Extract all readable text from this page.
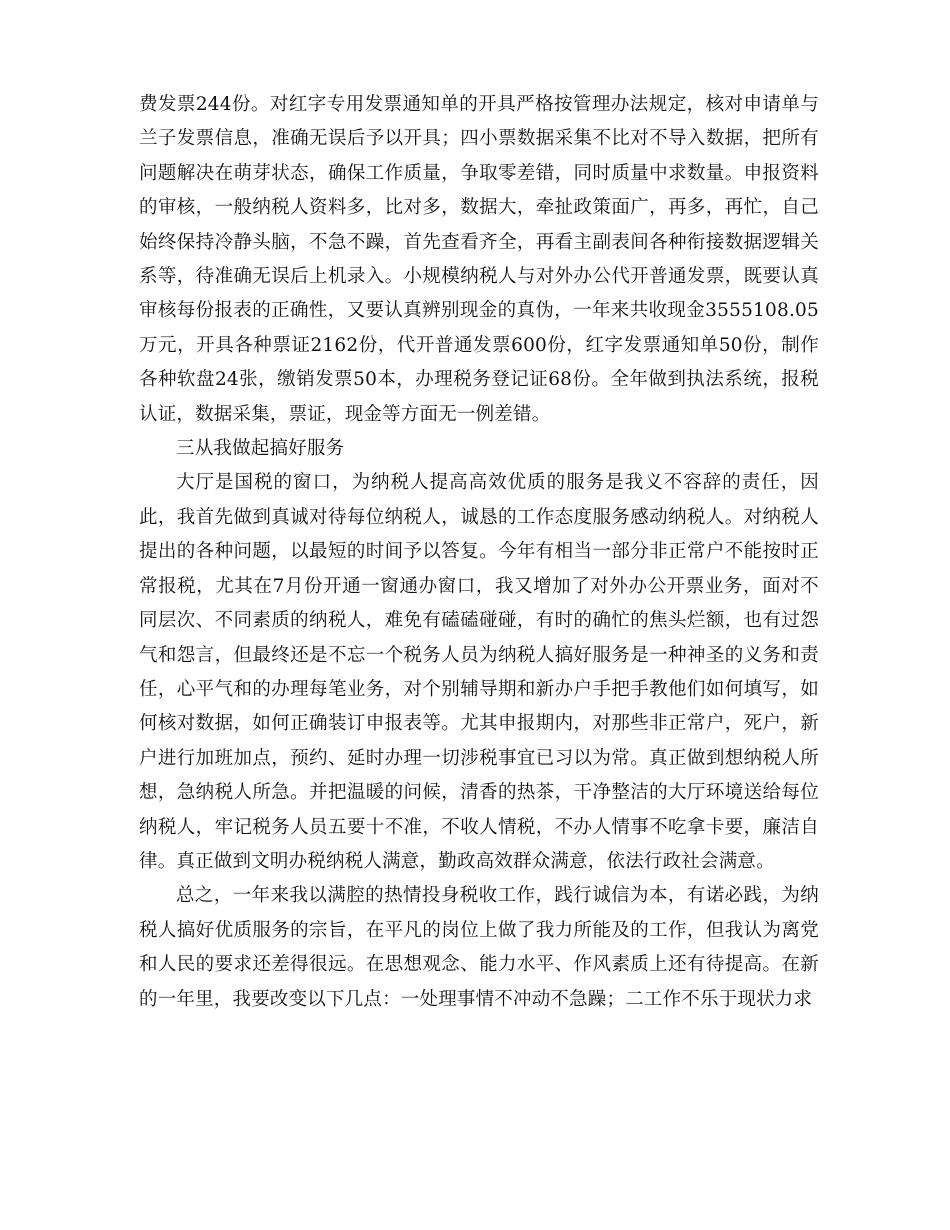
费发票244份。对红字专用发票通知单的开具严格按管理办法规定，核对申请单与兰子发票信息，准确无误后予以开具；四小票数据采集不比对不导入数据，把所有问题解决在萌芽状态，确保工作质量，争取零差错，同时质量中求数量。申报资料的审核，一般纳税人资料多，比对多，数据大，牵扯政策面广，再多，再忙，自己始终保持冷静头脑，不急不躁，首先查看齐全，再看主副表间各种衔接数据逻辑关系等，待准确无误后上机录入。小规模纳税人与对外办公代开普通发票，既要认真审核每份报表的正确性，又要认真辨别现金的真伪，一年来共收现金3555108.05万元，开具各种票证2162份，代开普通发票600份，红字发票通知单50份，制作各种软盘24张，缴销发票50本，办理税务登记证68份。全年做到执法系统，报税认证，数据采集，票证，现金等方面无一例差错。

三从我做起搞好服务

大厅是国税的窗口，为纳税人提高高效优质的服务是我义不容辞的责任，因此，我首先做到真诚对待每位纳税人，诚恳的工作态度服务感动纳税人。对纳税人提出的各种问题，以最短的时间予以答复。今年有相当一部分非正常户不能按时正常报税，尤其在7月份开通一窗通办窗口，我又增加了对外办公开票业务，面对不同层次、不同素质的纳税人，难免有磕磕碰碰，有时的确忙的焦头烂额，也有过怨气和怨言，但最终还是不忘一个税务人员为纳税人搞好服务是一种神圣的义务和责任，心平气和的办理每笔业务，对个别辅导期和新办户手把手教他们如何填写，如何核对数据，如何正确装订申报表等。尤其申报期内，对那些非正常户，死户，新户进行加班加点，预约、延时办理一切涉税事宜已习以为常。真正做到想纳税人所想，急纳税人所急。并把温暖的问候，清香的热茶，干净整洁的大厅环境送给每位纳税人，牢记税务人员五要十不准，不收人情税，不办人情事不吃拿卡要，廉洁自律。真正做到文明办税纳税人满意，勤政高效群众满意，依法行政社会满意。

总之，一年来我以满腔的热情投身税收工作，践行诚信为本，有诺必践，为纳税人搞好优质服务的宗旨，在平凡的岗位上做了我力所能及的工作，但我认为离党和人民的要求还差得很远。在思想观念、能力水平、作风素质上还有待提高。在新的一年里，我要改变以下几点：一处理事情不冲动不急躁；二工作不乐于现状力求
